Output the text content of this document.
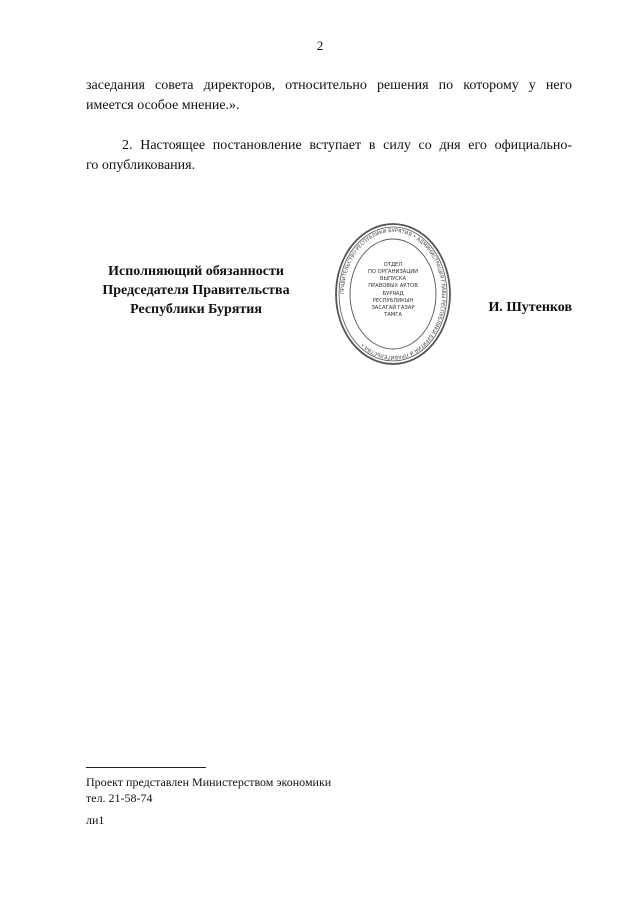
2
заседания совета директоров, относительно решения по которому у него
имеется особое мнение.».
2. Настоящее постановление вступает в силу со дня его официально-
го опубликования.
Исполняющий обязанности
Председателя Правительства
Республики Бурятия
ПРАВИТЕЛЬСТВО РЕСПУБЛИКИ БУРЯТИЯ • АДМИНИСТРАЦИЯ ГЛАВЫ РЕСПУБЛИКИ БУРЯТИЯ И ПРАВИТЕЛЬСТВА •
ОТДЕЛ
ПО ОРГАНИЗАЦИИ
ВЫПУСКА
ПРАВОВЫХ АКТОВ
БУРЯАД
РЕСПУБЛИКЫН
ЗАСАГАЙ ГАЗАР
ТАМГА	И. Шутенков
Проект представлен Министерством экономики
тел. 21-58-74
ли1
